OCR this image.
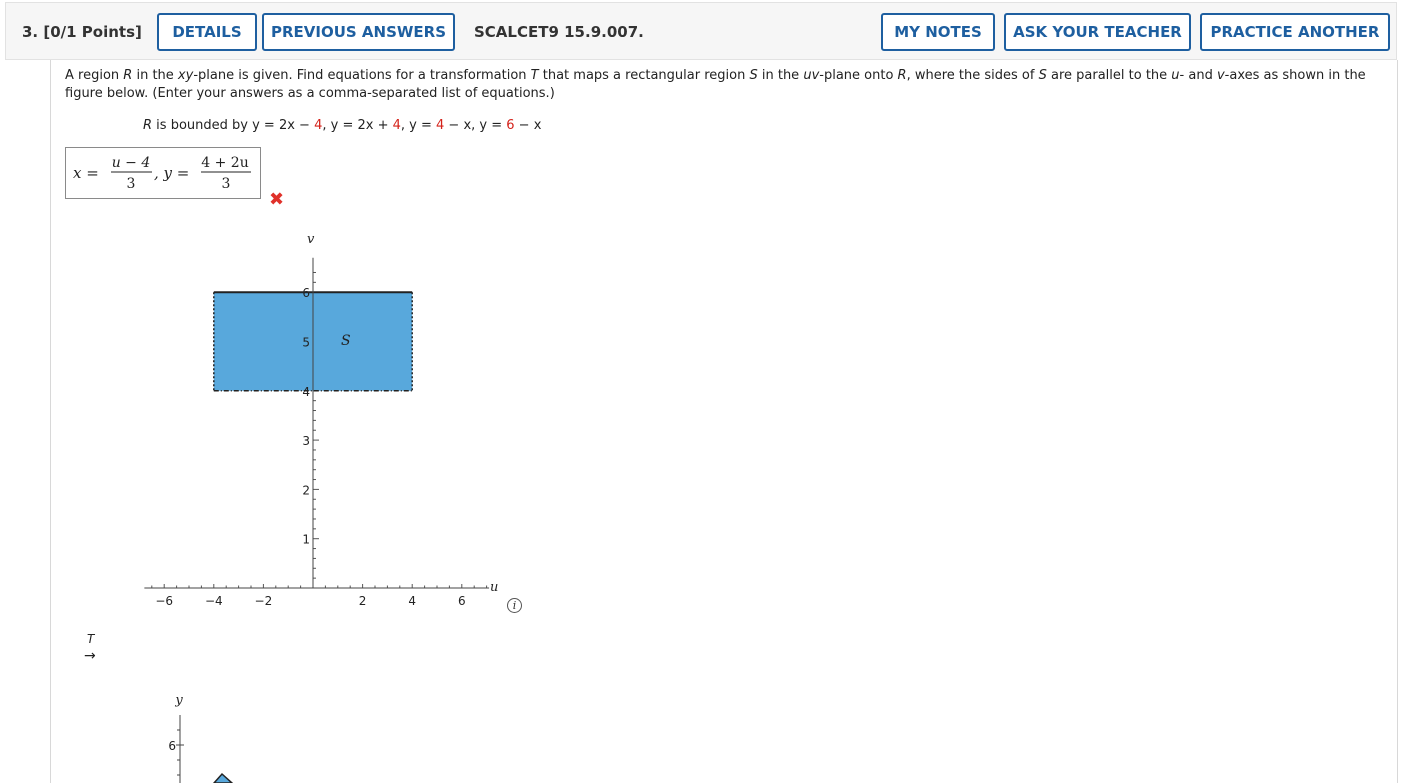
3. [0/1 Points]	DETAILS	PREVIOUS ANSWERS	SCALCET9 15.9.007.	MY NOTES	ASK YOUR TEACHER	PRACTICE ANOTHER
A region R in the xy-plane is given. Find equations for a transformation T that maps a rectangular region S in the uv-plane onto R, where the sides of S are parallel to the u- and v-axes as shown in the figure below. (Enter your answers as a comma-separated list of equations.)
R is bounded by y = 2x − 4, y = 2x + 4, y = 4 − x, y = 6 − x
x =
u − 4
3
, y =
4 + 2u
3
✖
u
v
S
−6	−4	−2	2	4	6
1
2
3
4
5
6
y
6
i
T
→
